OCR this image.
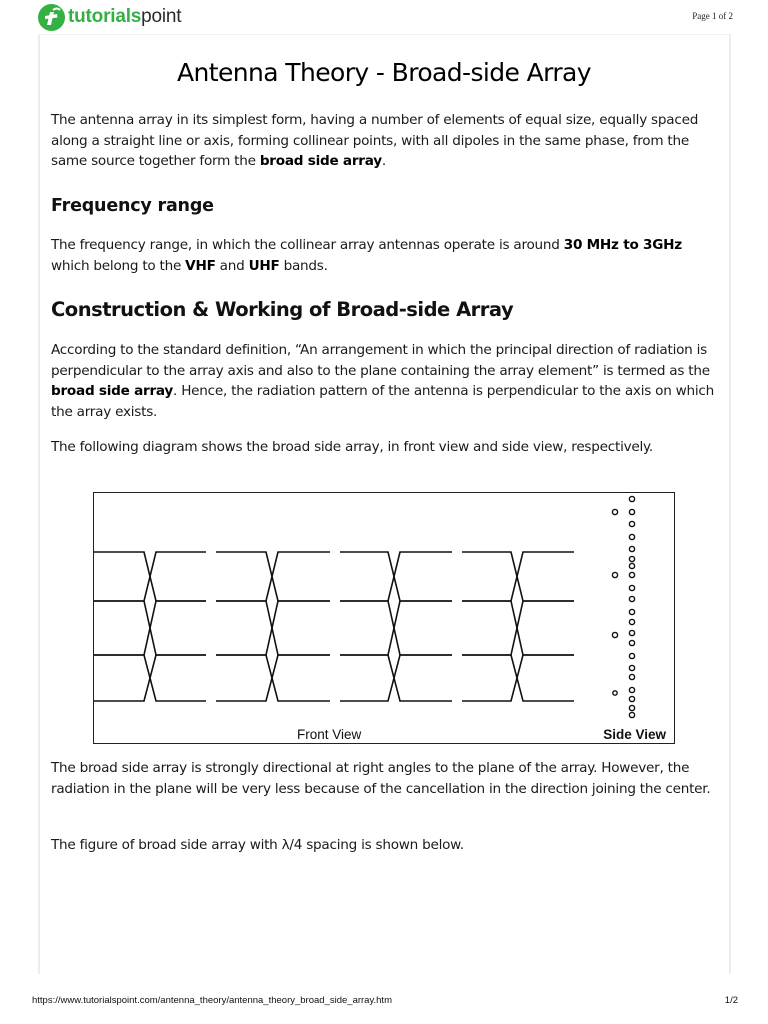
tutorialspoint	Page 1 of 2
Antenna Theory - Broad-side Array

The antenna array in its simplest form, having a number of elements of equal size, equally spaced along a straight line or axis, forming collinear points, with all dipoles in the same phase, from the same source together form the broad side array.

Frequency range

The frequency range, in which the collinear array antennas operate is around 30 MHz to 3GHz which belong to the VHF and UHF bands.

Construction & Working of Broad-side Array

According to the standard definition, “An arrangement in which the principal direction of radiation is perpendicular to the array axis and also to the plane containing the array element” is termed as the broad side array. Hence, the radiation pattern of the antenna is perpendicular to the axis on which the array exists.

The following diagram shows the broad side array, in front view and side view, respectively.

Front View	Side View

The broad side array is strongly directional at right angles to the plane of the array. However, the radiation in the plane will be very less because of the cancellation in the direction joining the center.

The figure of broad side array with λ/4 spacing is shown below.

https://www.tutorialspoint.com/antenna_theory/antenna_theory_broad_side_array.htm	1/2
